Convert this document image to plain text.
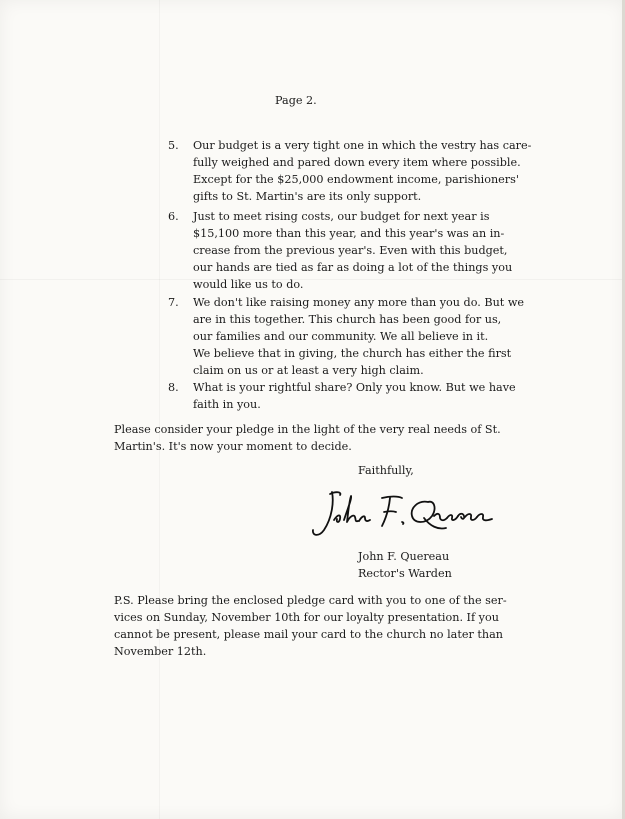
Page 2.
5. Our budget is a very tight one in which the vestry has care-
fully weighed and pared down every item where possible.
Except for the $25,000 endowment income, parishioners'
gifts to St. Martin's are its only support.
6. Just to meet rising costs, our budget for next year is
$15,100 more than this year, and this year's was an in-
crease from the previous year's. Even with this budget,
our hands are tied as far as doing a lot of the things you
would like us to do.
7. We don't like raising money any more than you do. But we
are in this together. This church has been good for us,
our families and our community. We all believe in it.
We believe that in giving, the church has either the first
claim on us or at least a very high claim.
8. What is your rightful share? Only you know. But we have
faith in you.
Please consider your pledge in the light of the very real needs of St.
Martin's. It's now your moment to decide.
Faithfully,
John F. Quereau
Rector's Warden
P.S. Please bring the enclosed pledge card with you to one of the ser-
vices on Sunday, November 10th for our loyalty presentation. If you
cannot be present, please mail your card to the church no later than
November 12th.
